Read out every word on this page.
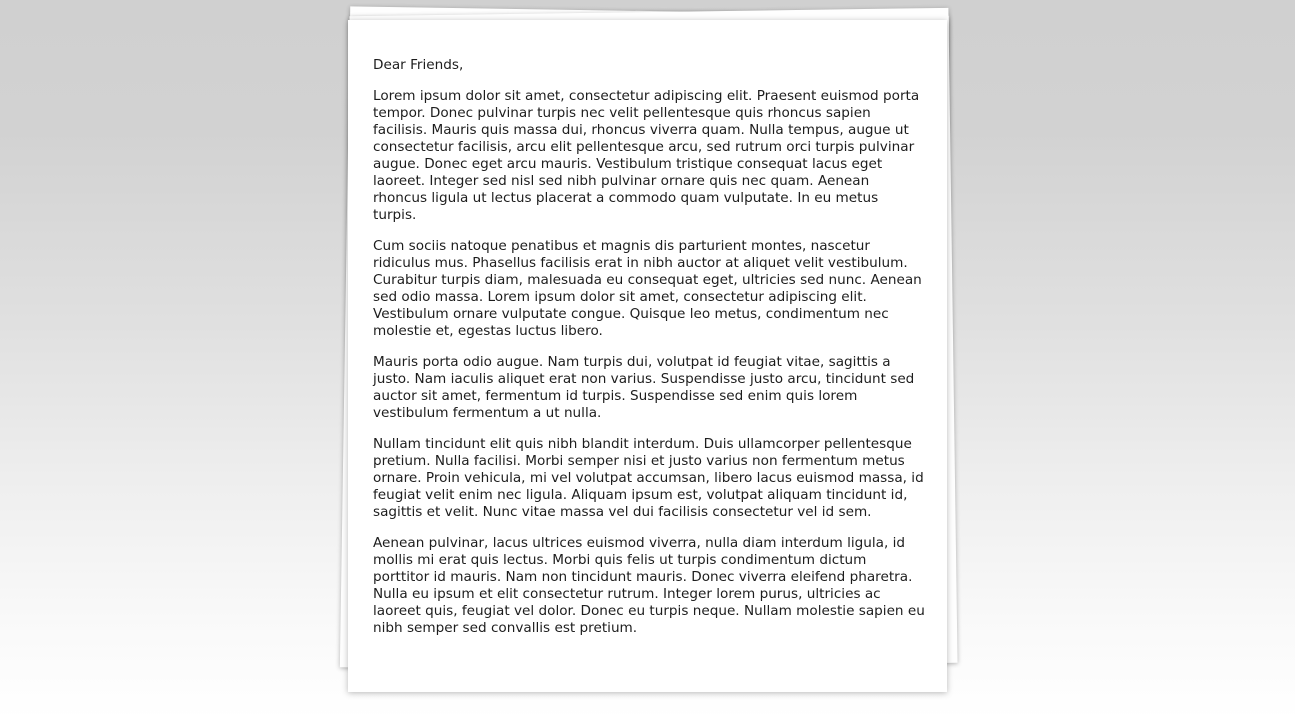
Dear Friends,

Lorem ipsum dolor sit amet, consectetur adipiscing elit. Praesent euismod porta tempor. Donec pulvinar turpis nec velit pellentesque quis rhoncus sapien facilisis. Mauris quis massa dui, rhoncus viverra quam. Nulla tempus, augue ut consectetur facilisis, arcu elit pellentesque arcu, sed rutrum orci turpis pulvinar augue. Donec eget arcu mauris. Vestibulum tristique consequat lacus eget laoreet. Integer sed nisl sed nibh pulvinar ornare quis nec quam. Aenean rhoncus ligula ut lectus placerat a commodo quam vulputate. In eu metus turpis.

Cum sociis natoque penatibus et magnis dis parturient montes, nascetur ridiculus mus. Phasellus facilisis erat in nibh auctor at aliquet velit vestibulum. Curabitur turpis diam, malesuada eu consequat eget, ultricies sed nunc. Aenean sed odio massa. Lorem ipsum dolor sit amet, consectetur adipiscing elit. Vestibulum ornare vulputate congue. Quisque leo metus, condimentum nec molestie et, egestas luctus libero.

Mauris porta odio augue. Nam turpis dui, volutpat id feugiat vitae, sagittis a justo. Nam iaculis aliquet erat non varius. Suspendisse justo arcu, tincidunt sed auctor sit amet, fermentum id turpis. Suspendisse sed enim quis lorem vestibulum fermentum a ut nulla.

Nullam tincidunt elit quis nibh blandit interdum. Duis ullamcorper pellentesque pretium. Nulla facilisi. Morbi semper nisi et justo varius non fermentum metus ornare. Proin vehicula, mi vel volutpat accumsan, libero lacus euismod massa, id feugiat velit enim nec ligula. Aliquam ipsum est, volutpat aliquam tincidunt id, sagittis et velit. Nunc vitae massa vel dui facilisis consectetur vel id sem.

Aenean pulvinar, lacus ultrices euismod viverra, nulla diam interdum ligula, id mollis mi erat quis lectus. Morbi quis felis ut turpis condimentum dictum porttitor id mauris. Nam non tincidunt mauris. Donec viverra eleifend pharetra. Nulla eu ipsum et elit consectetur rutrum. Integer lorem purus, ultricies ac laoreet quis, feugiat vel dolor. Donec eu turpis neque. Nullam molestie sapien eu nibh semper sed convallis est pretium.
